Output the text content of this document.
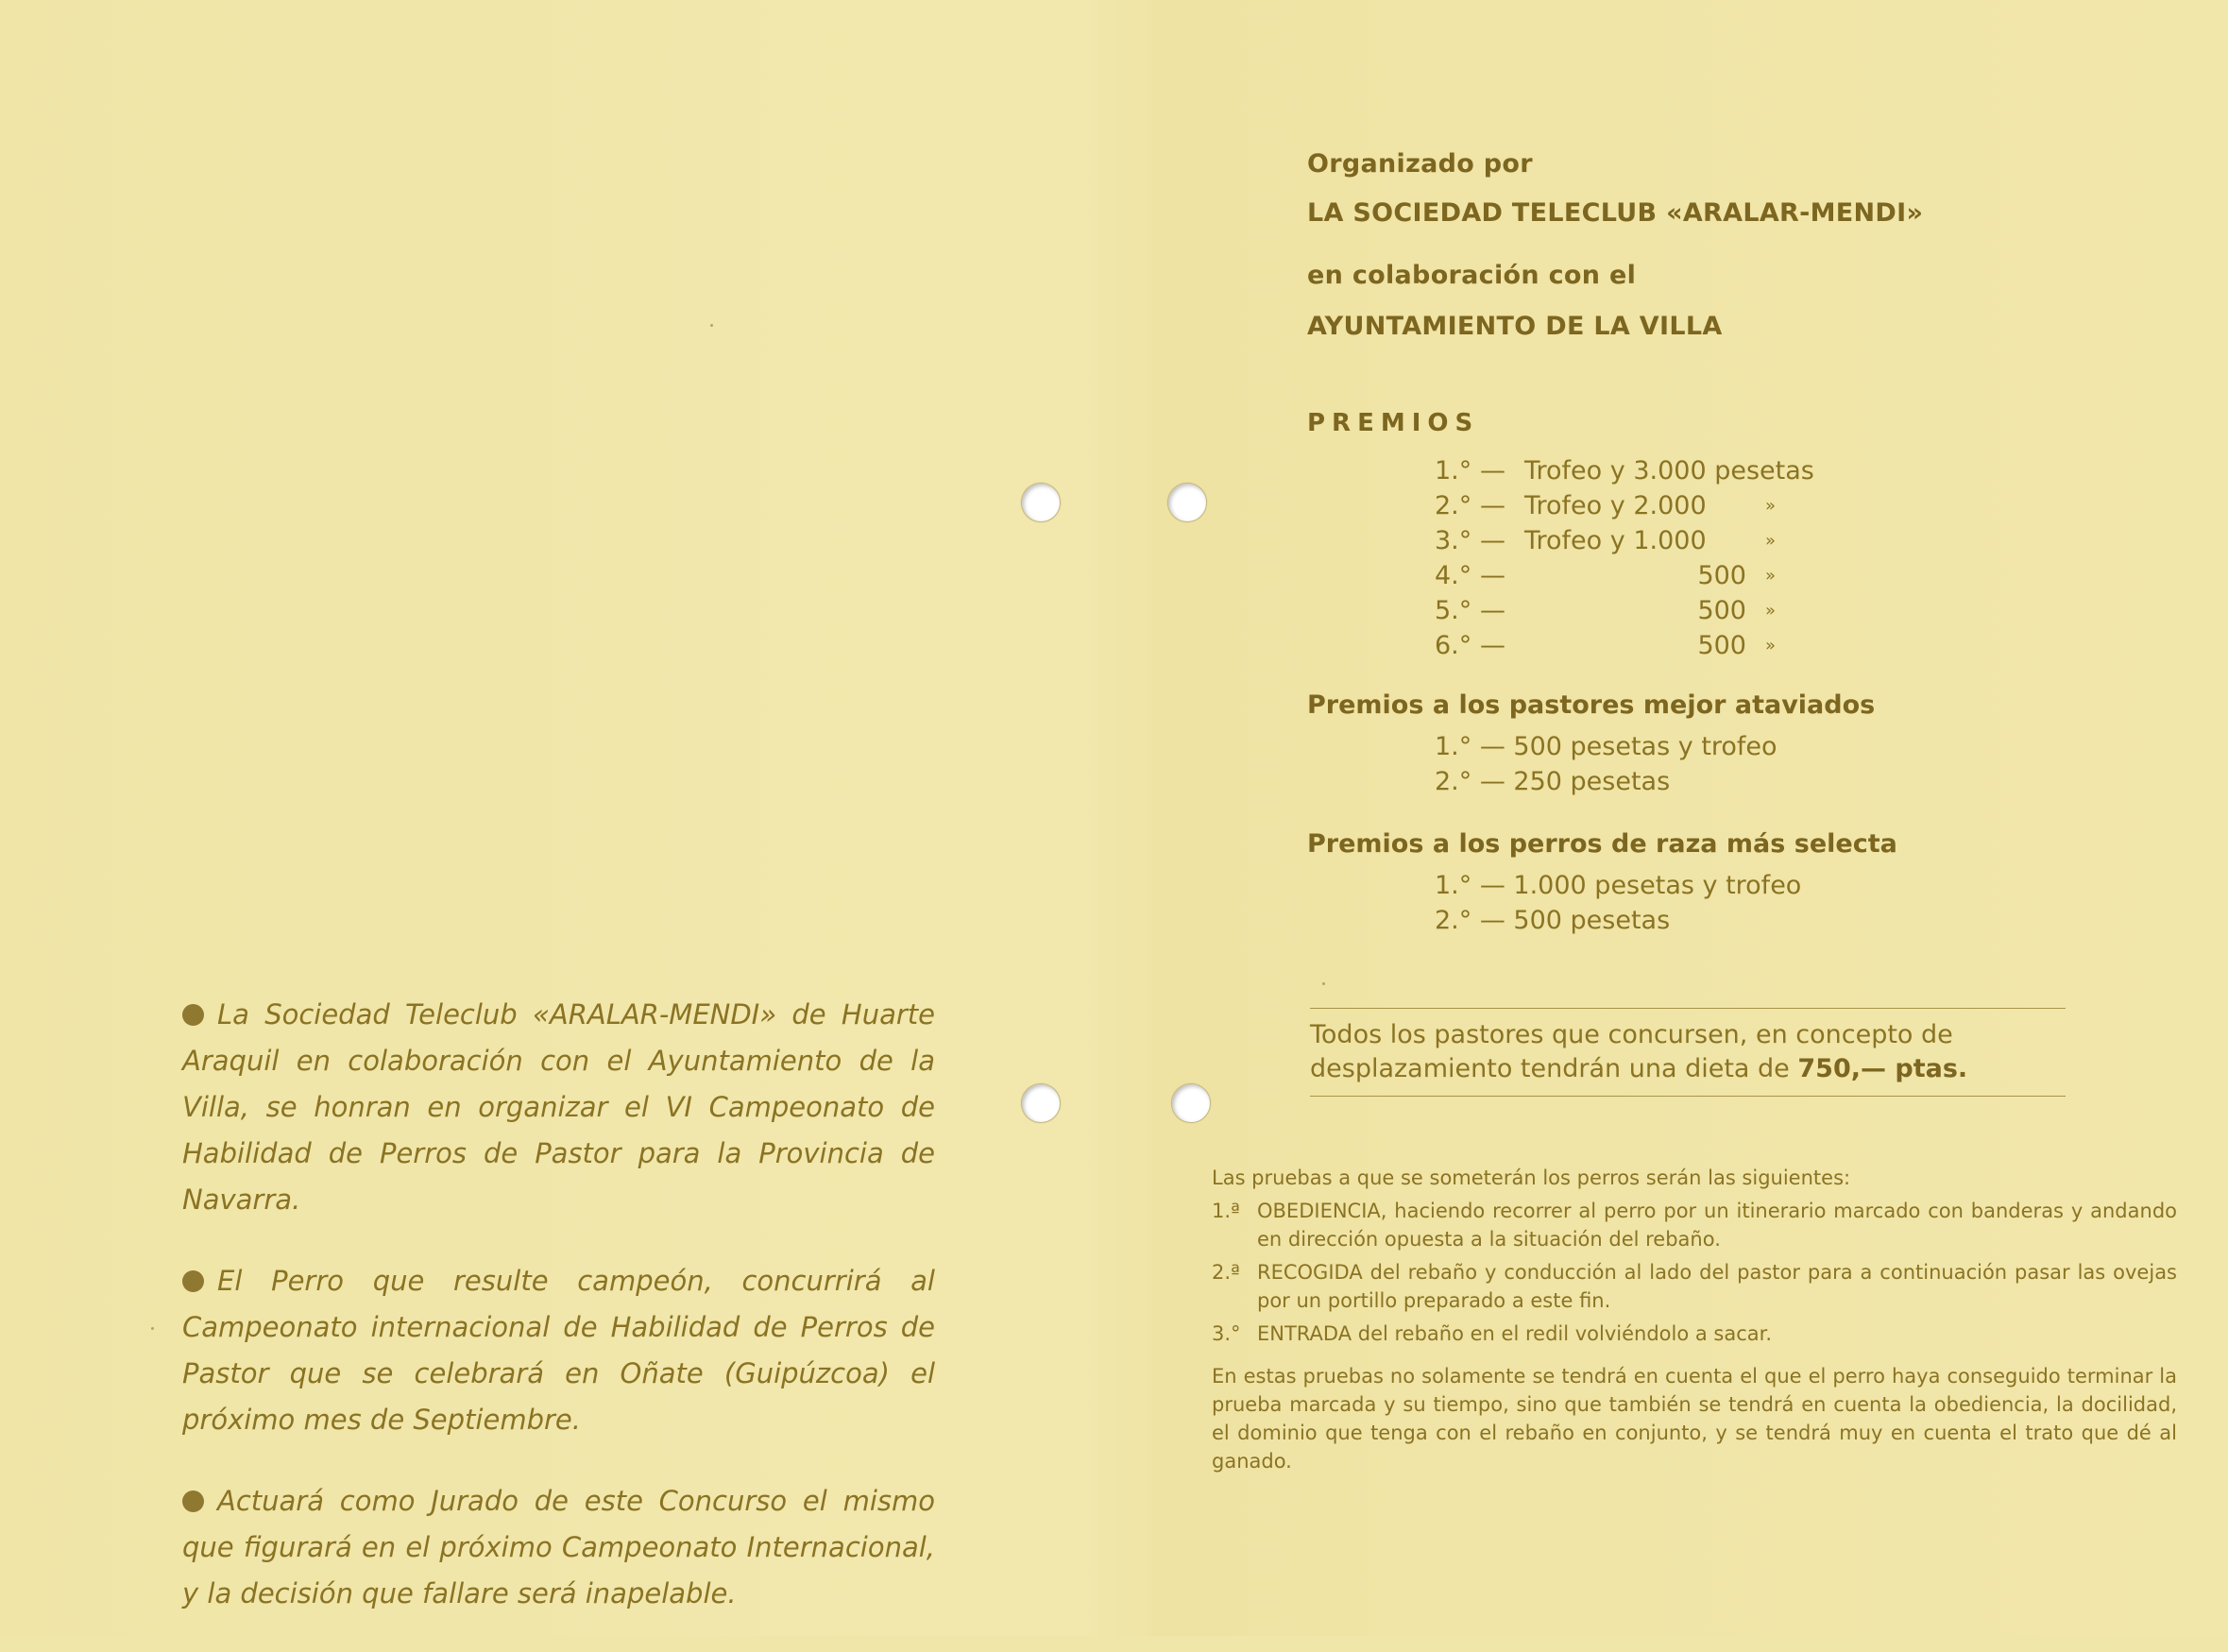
Organizado por

LA SOCIEDAD TELECLUB «ARALAR-MENDI»

en colaboración con el

AYUNTAMIENTO DE LA VILLA

PREMIOS
1.° — Trofeo y 3.000 pesetas
2.° — Trofeo y 2.000	»
3.° — Trofeo y 1.000	»
4.° —	500 »
5.° —	500 »
6.° —	500 »
Premios a los pastores mejor ataviados
1.° — 500 pesetas y trofeo
2.° — 250 pesetas
Premios a los perros de raza más selecta
1.° — 1.000 pesetas y trofeo
2.° — 500 pesetas
Todos los pastores que concursen, en concepto de desplazamiento tendrán una dieta de 750,— ptas.

Las pruebas a que se someterán los perros serán las siguientes:

1.ª OBEDIENCIA, haciendo recorrer al perro por un itinerario marcado con banderas y andando en dirección opuesta a la situación del rebaño.

2.ª RECOGIDA del rebaño y conducción al lado del pastor para a continuación pasar las ovejas por un portillo preparado a este fin.

3.° ENTRADA del rebaño en el redil volviéndolo a sacar.

En estas pruebas no solamente se tendrá en cuenta el que el perro haya conseguido terminar la prueba marcada y su tiempo, sino que también se tendrá en cuenta la obediencia, la docilidad, el dominio que tenga con el rebaño en conjunto, y se tendrá muy en cuenta el trato que dé al ganado.

La Sociedad Teleclub «ARALAR-MENDI» de Huarte Araquil en colaboración con el Ayuntamiento de la Villa, se honran en organizar el VI Campeonato de Habilidad de Perros de Pastor para la Provincia de Navarra.

El Perro que resulte campeón, concurrirá al Campeonato internacional de Habilidad de Perros de Pastor que se celebrará en Oñate (Guipúzcoa) el próximo mes de Septiembre.

Actuará como Jurado de este Concurso el mismo que figurará en el próximo Campeonato Internacional, y la decisión que fallare será inapelable.
